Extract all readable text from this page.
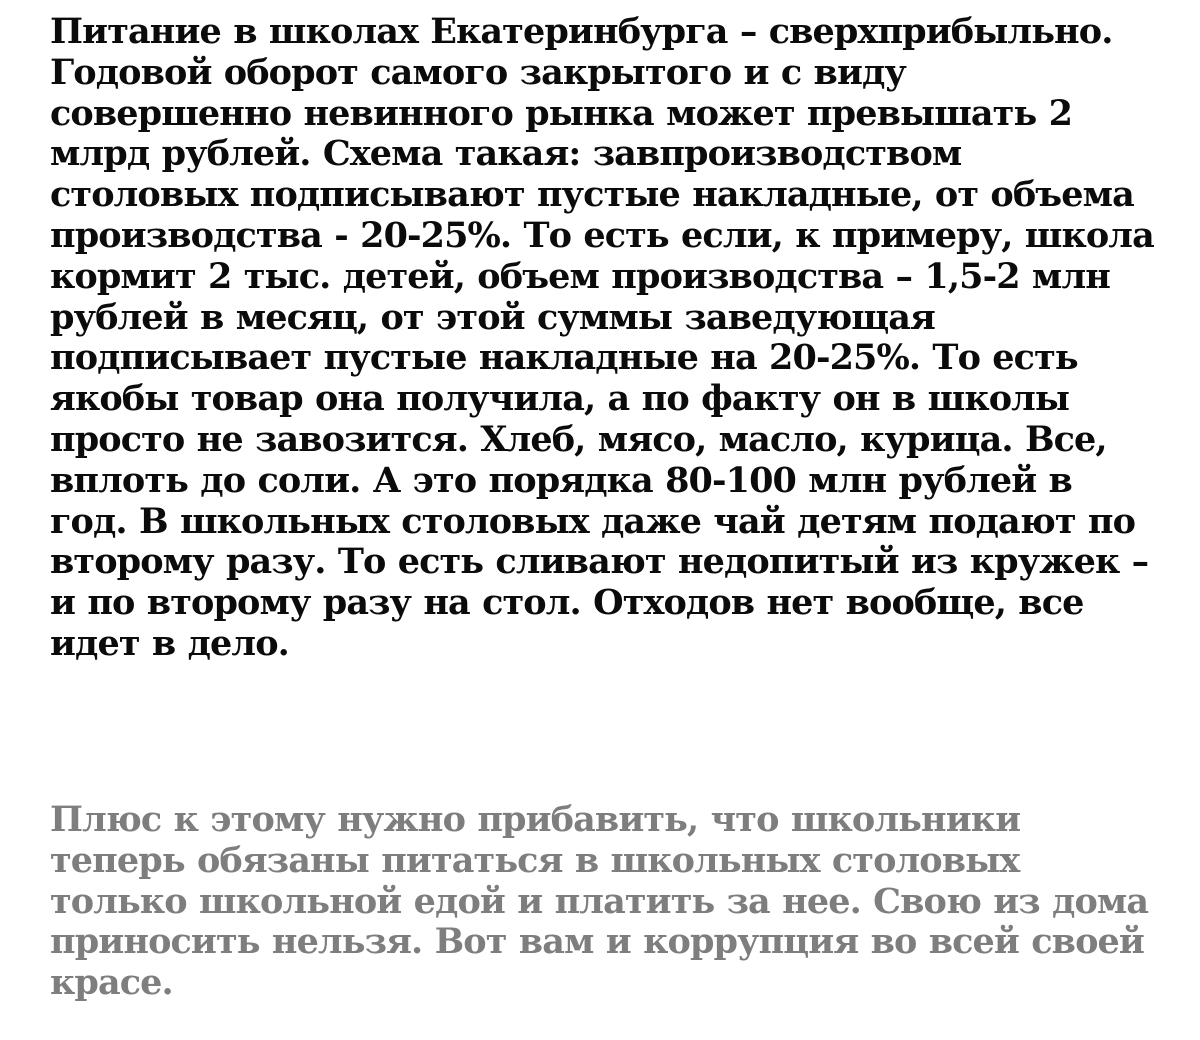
Питание в школах Екатеринбурга – сверхприбыльно.
Годовой оборот самого закрытого и с виду
совершенно невинного рынка может превышать 2
млрд рублей. Схема такая: завпроизводством
столовых подписывают пустые накладные, от объема
производства - 20-25%. То есть если, к примеру, школа
кормит 2 тыс. детей, объем производства – 1,5-2 млн
рублей в месяц, от этой суммы заведующая
подписывает пустые накладные на 20-25%. То есть
якобы товар она получила, а по факту он в школы
просто не завозится. Хлеб, мясо, масло, курица. Все,
вплоть до соли. А это порядка 80-100 млн рублей в
год. В школьных столовых даже чай детям подают по
второму разу. То есть сливают недопитый из кружек –
и по второму разу на стол. Отходов нет вообще, все
идет в дело.

Плюс к этому нужно прибавить, что школьники
теперь обязаны питаться в школьных столовых
только школьной едой и платить за нее. Свою из дома
приносить нельзя. Вот вам и коррупция во всей своей
красе.
